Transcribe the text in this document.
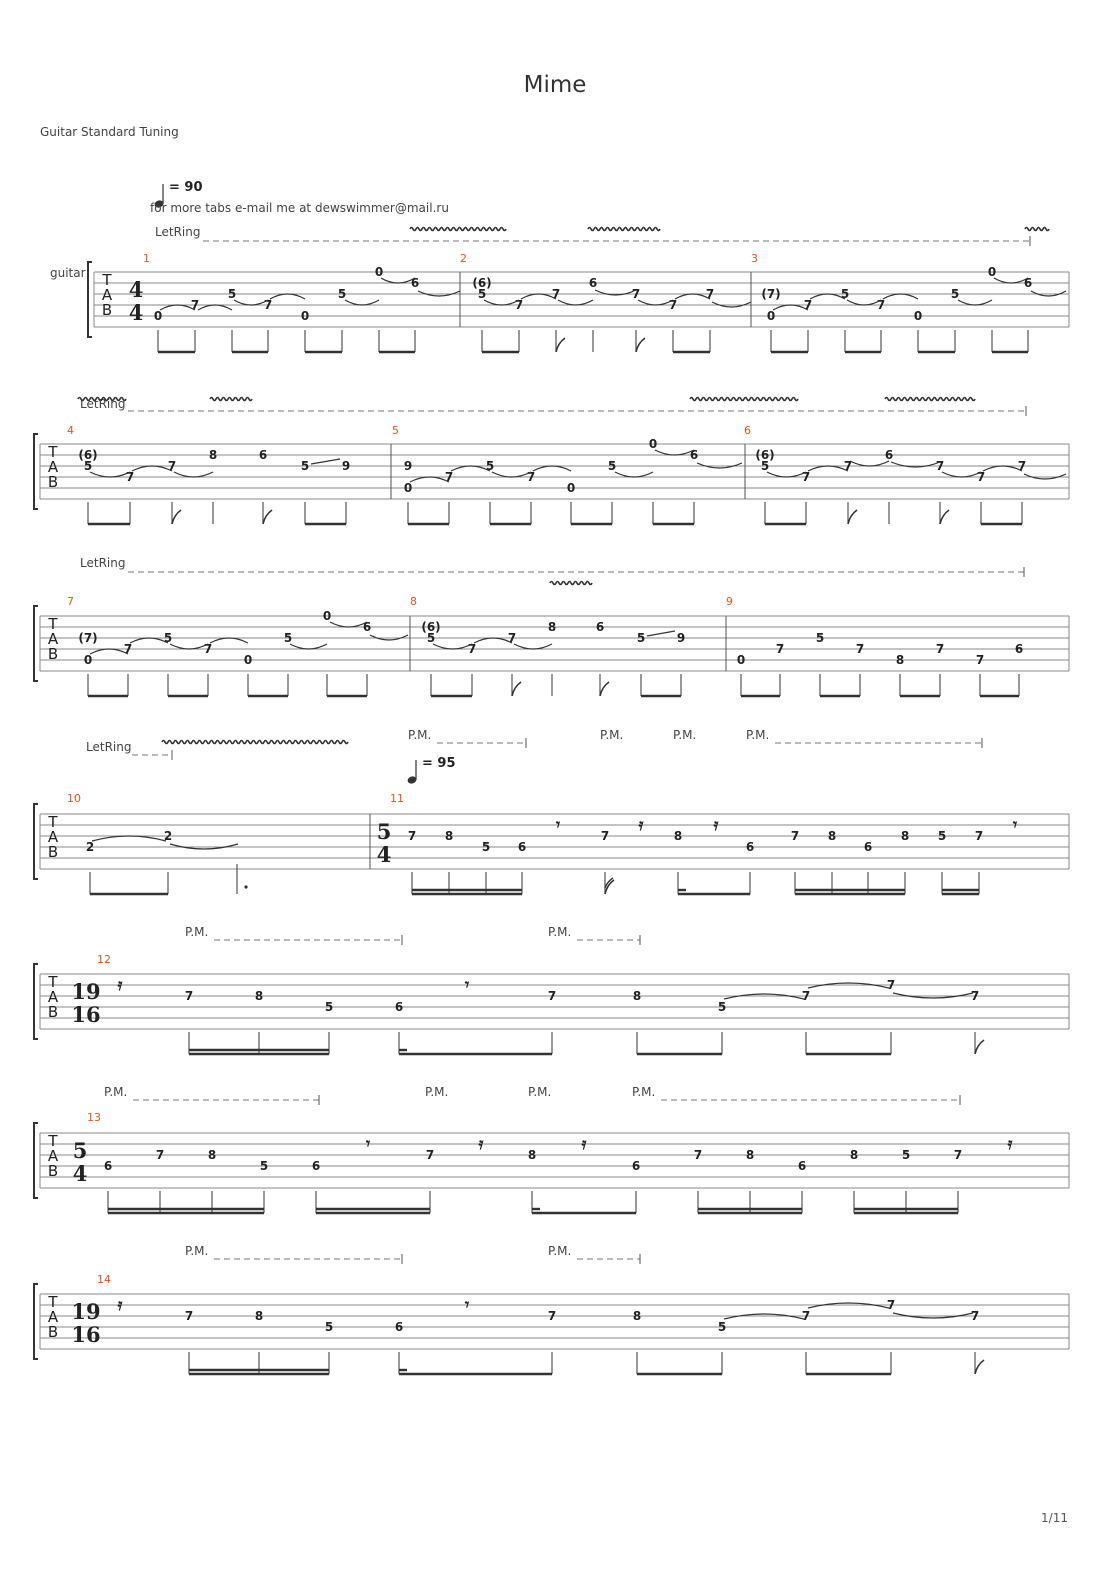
Mime
Guitar Standard Tuning
1/11
= 90
for more tabs e-mail me at dewswimmer@mail.ru
LetRing
T
A
B
guitar
4
4
1	2	3
0
7
5
7
0
5
0
6	(6)
5
7
7
6
7
7
7	(7)
0
7
5
7
0
5
0
6
LetRing
T
A
B
4	5	6
(6)
5
7
7
8	6
5	9	9
0
7
5
7
0
5
0
6	(6)
5
7
7
6
7
7
7
LetRing
T
A
B
7	8	9
(7)
0
7
5
7
0
5
0
6	(6)
5
7
7
8	6
5	9
0
7
5
7
8
7
7
6
LetRing
P.M.	P.M.	P.M.	P.M.
= 95
T
A
B
10	11
5
4
2
2	7 8
5 6
7	8
6
7 8
6
8 5 7
𝄾	𝄿	𝄿	𝄾
P.M.	P.M.
T
A
B
12
19
16
𝄿
7	8
5	6
7	8
5
7
7
7
𝄾
P.M.	P.M.
T
A
B
14
19
16
𝄿
7	8
5	6
7	8
5
7
7
7
𝄾
P.M.	P.M.	P.M.	P.M.
T
A
B
13
5
4 6
7	8
5	6
7	8
6
7	8
6
8	5	7
𝄾	𝄿	𝄿	𝄿
